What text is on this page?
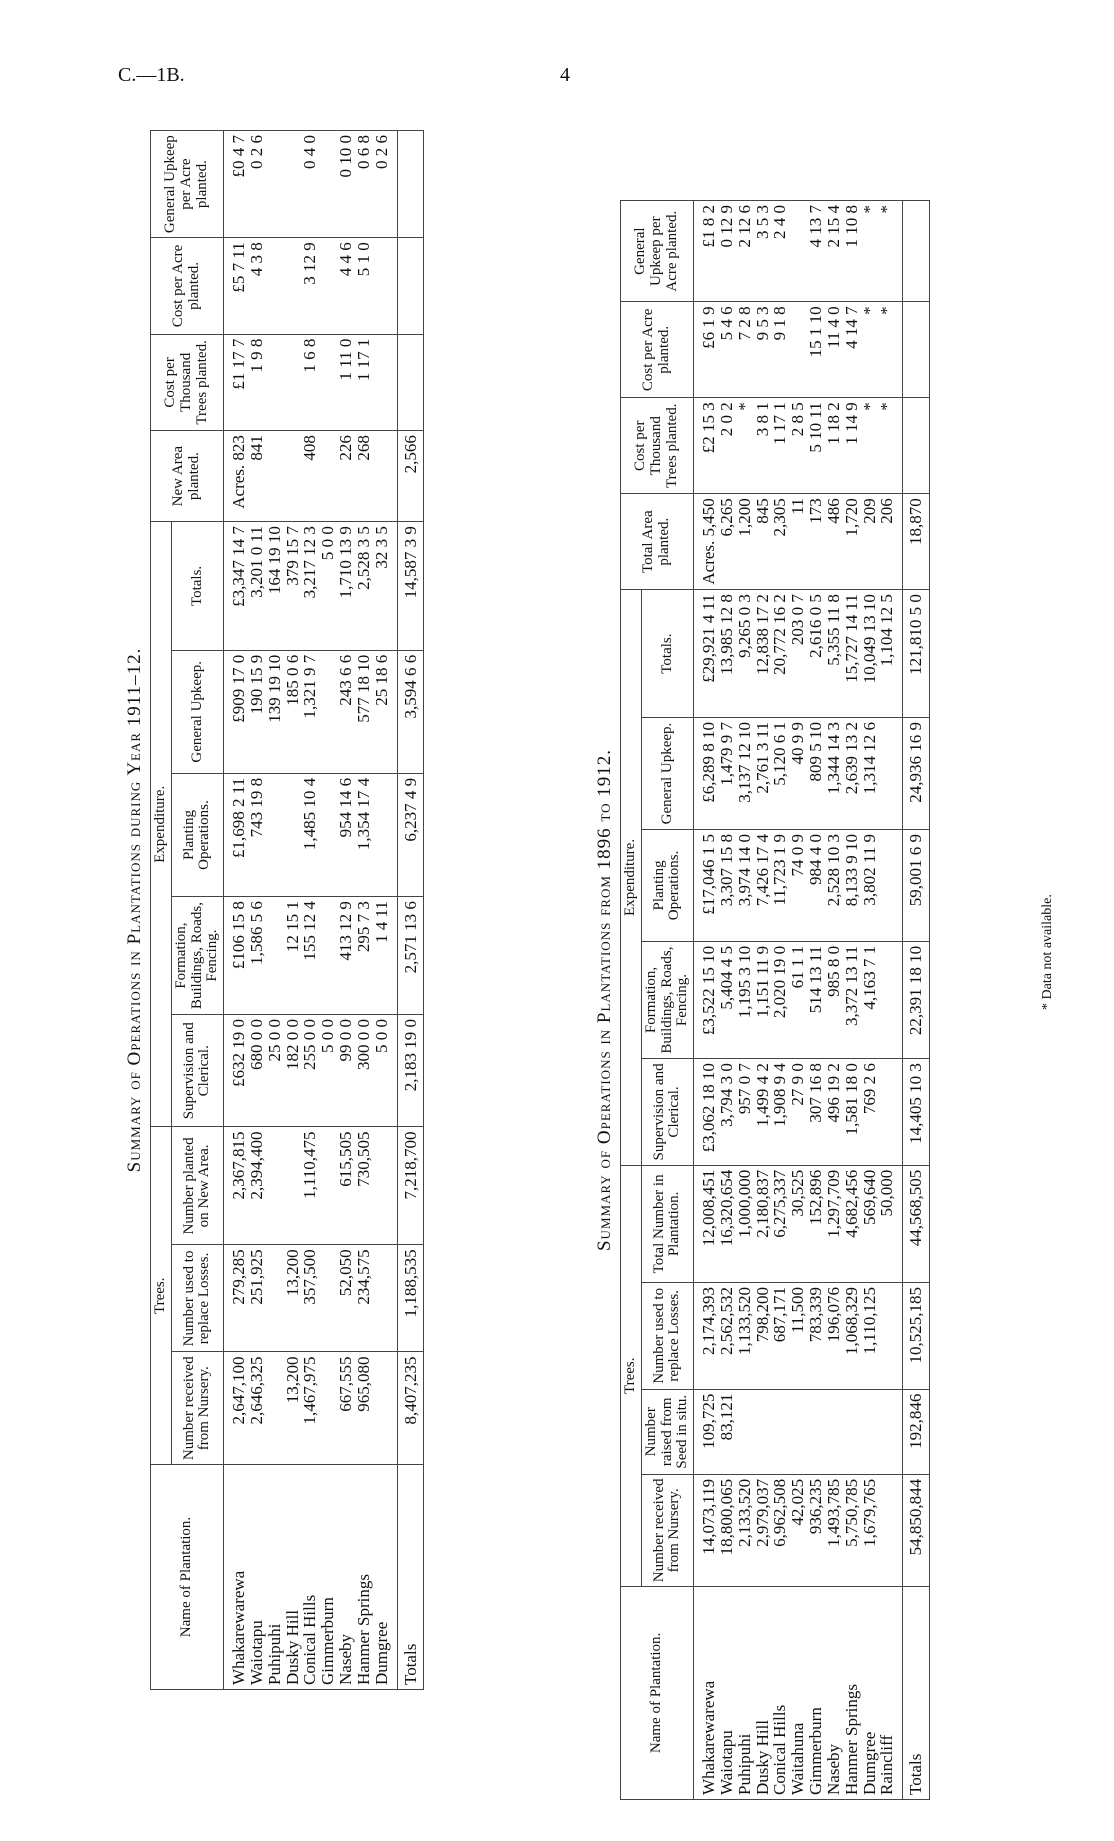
C.—1B.	4
Summary of Operations in Plantations during Year 1911–12.
Name of Plantation.	Trees.			Expenditure.					New Area planted.	Cost per Thousand Trees planted.	Cost per Acre planted.	General Upkeep per Acre planted.
	Number received from Nursery.	Number used to replace Losses.	Number planted on New Area.	Supervision and Clerical.	Formation, Buildings, Roads, Fencing.	Planting Operations.	General Upkeep.	Totals.				
Whakarewarewa	2,647,100	279,285	2,367,815	£632 19 0	£106 15 8	£1,698 2 11	£909 17 0	£3,347 14 7	Acres. 823	£1 17 7	£5 7 11	£0 4 7
Waiotapu	2,646,325	251,925	2,394,400	680 0 0	1,586 5 6	743 19 8	190 15 9	3,201 0 11	841	1 9 8	4 3 8	0 2 6
Puhipuhi				25 0 0			139 19 10	164 19 10				
Dusky Hill	13,200	13,200		182 0 0	12 15 1		185 0 6	379 15 7				
Conical Hills	1,467,975	357,500	1,110,475	255 0 0	155 12 4	1,485 10 4	1,321 9 7	3,217 12 3	408	1 6 8	3 12 9	0 4 0
Gimmerburn				5 0 0				5 0 0				
Naseby	667,555	52,050	615,505	99 0 0	413 12 9	954 14 6	243 6 6	1,710 13 9	226	1 11 0	4 4 6	0 10 0
Hanmer Springs	965,080	234,575	730,505	300 0 0	295 7 3	1,354 17 4	577 18 10	2,528 3 5	268	1 17 1	5 1 0	0 6 8
Dumgree				5 0 0	1 4 11		25 18 6	32 3 5				0 2 6
Totals	8,407,235	1,188,535	7,218,700	2,183 19 0	2,571 13 6	6,237 4 9	3,594 6 6	14,587 3 9	2,566			
Summary of Operations in Plantations from 1896 to 1912.
Name of Plantation.	Trees.				Expenditure.					Total Area planted.	Cost per Thousand Trees planted.	Cost per Acre planted.	General Upkeep per Acre planted.
	Number received from Nursery.	Number raised from Seed in situ.	Number used to replace Losses.	Total Number in Plantation.	Supervision and Clerical.	Formation, Buildings, Roads, Fencing.	Planting Operations.	General Upkeep.	Totals.				
Whakarewarewa	14,073,119	109,725	2,174,393	12,008,451	£3,062 18 10	£3,522 15 10	£17,046 1 5	£6,289 8 10	£29,921 4 11	Acres. 5,450	£2 15 3	£6 1 9	£1 8 2
Waiotapu	18,800,065	83,121	2,562,532	16,320,654	3,794 3 0	5,404 4 5	3,307 15 8	1,479 9 7	13,985 12 8	6,265	2 0 2	5 4 6	0 12 9
Puhipuhi	2,133,520		1,133,520	1,000,000	957 0 7	1,195 3 10	3,974 14 0	3,137 12 10	9,265 0 3	1,200	*	7 2 8	2 12 6
Dusky Hill	2,979,037		798,200	2,180,837	1,499 4 2	1,151 11 9	7,426 17 4	2,761 3 11	12,838 17 2	845	3 8 1	9 5 3	3 5 3
Conical Hills	6,962,508		687,171	6,275,337	1,908 9 4	2,020 19 0	11,723 1 9	5,120 6 1	20,772 16 2	2,305	1 17 1	9 1 8	2 4 0
Waitahuna	42,025		11,500	30,525	27 9 0	61 1 1	74 0 9	40 9 9	203 0 7	11	2 8 5		
Gimmerburn	936,235		783,339	152,896	307 16 8	514 13 11	984 4 0	809 5 10	2,616 0 5	173	5 10 11	15 1 10	4 13 7
Naseby	1,493,785		196,076	1,297,709	496 19 2	985 8 0	2,528 10 3	1,344 14 3	5,355 11 8	486	1 18 2	11 4 0	2 15 4
Hanmer Springs	5,750,785		1,068,329	4,682,456	1,581 18 0	3,372 13 11	8,133 9 10	2,639 13 2	15,727 14 11	1,720	1 14 9	4 14 7	1 10 8
Dumgree	1,679,765		1,110,125	569,640	769 2 6	4,163 7 1	3,802 11 9	1,314 12 6	10,049 13 10	209	*	*	*
Raincliff				50,000					1,104 12 5	206	*	*	*
Totals	54,850,844	192,846	10,525,185	44,568,505	14,405 10 3	22,391 18 10	59,001 6 9	24,936 16 9	121,810 5 0	18,870			
* Data not available.
